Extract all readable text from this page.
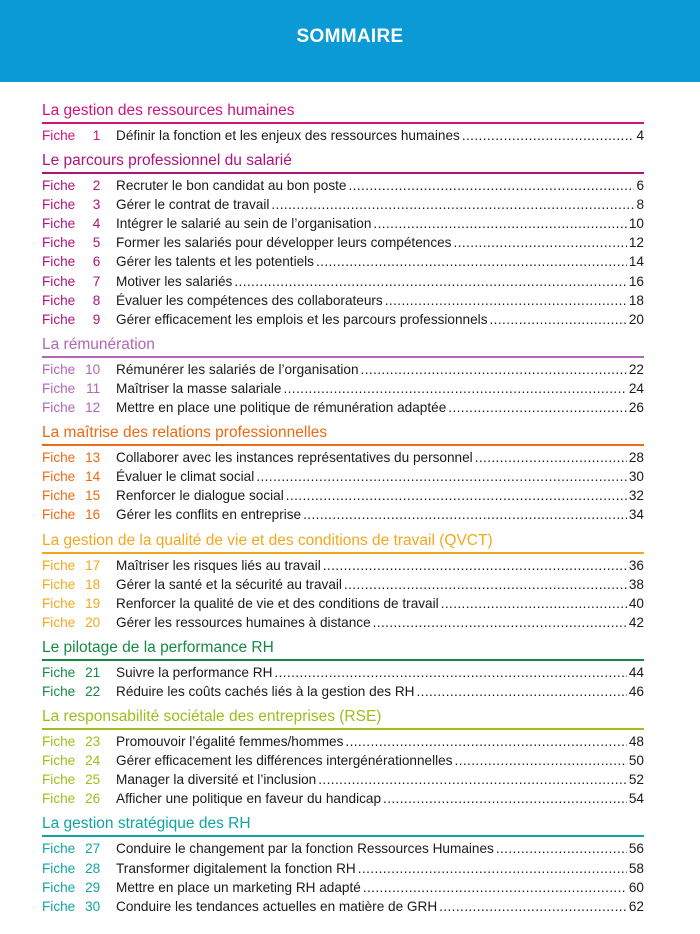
SOMMAIRE
La gestion des ressources humaines
Fiche 1	Définir la fonction et les enjeux des ressources humaines .....	4
Le parcours professionnel du salarié
Fiche 2	Recruter le bon candidat au bon poste .....	6
Fiche 3	Gérer le contrat de travail .....	8
Fiche 4	Intégrer le salarié au sein de l’organisation .....	10
Fiche 5	Former les salariés pour développer leurs compétences .....	12
Fiche 6	Gérer les talents et les potentiels .....	14
Fiche 7	Motiver les salariés .....	16
Fiche 8	Évaluer les compétences des collaborateurs .....	18
Fiche 9	Gérer efficacement les emplois et les parcours professionnels .....	20
La rémunération
Fiche 10	Rémunérer les salariés de l’organisation .....	22
Fiche 11	Maîtriser la masse salariale .....	24
Fiche 12	Mettre en place une politique de rémunération adaptée .....	26
La maîtrise des relations professionnelles
Fiche 13	Collaborer avec les instances représentatives du personnel .....	28
Fiche 14	Évaluer le climat social .....	30
Fiche 15	Renforcer le dialogue social .....	32
Fiche 16	Gérer les conflits en entreprise .....	34
La gestion de la qualité de vie et des conditions de travail (QVCT)
Fiche 17	Maîtriser les risques liés au travail .....	36
Fiche 18	Gérer la santé et la sécurité au travail .....	38
Fiche 19	Renforcer la qualité de vie et des conditions de travail .....	40
Fiche 20	Gérer les ressources humaines à distance .....	42
Le pilotage de la performance RH
Fiche 21	Suivre la performance RH .....	44
Fiche 22	Réduire les coûts cachés liés à la gestion des RH .....	46
La responsabilité sociétale des entreprises (RSE)
Fiche 23	Promouvoir l’égalité femmes/hommes .....	48
Fiche 24	Gérer efficacement les différences intergénérationnelles .....	50
Fiche 25	Manager la diversité et l’inclusion .....	52
Fiche 26	Afficher une politique en faveur du handicap .....	54
La gestion stratégique des RH
Fiche 27	Conduire le changement par la fonction Ressources Humaines .....	56
Fiche 28	Transformer digitalement la fonction RH .....	58
Fiche 29	Mettre en place un marketing RH adapté .....	60
Fiche 30	Conduire les tendances actuelles en matière de GRH .....	62
